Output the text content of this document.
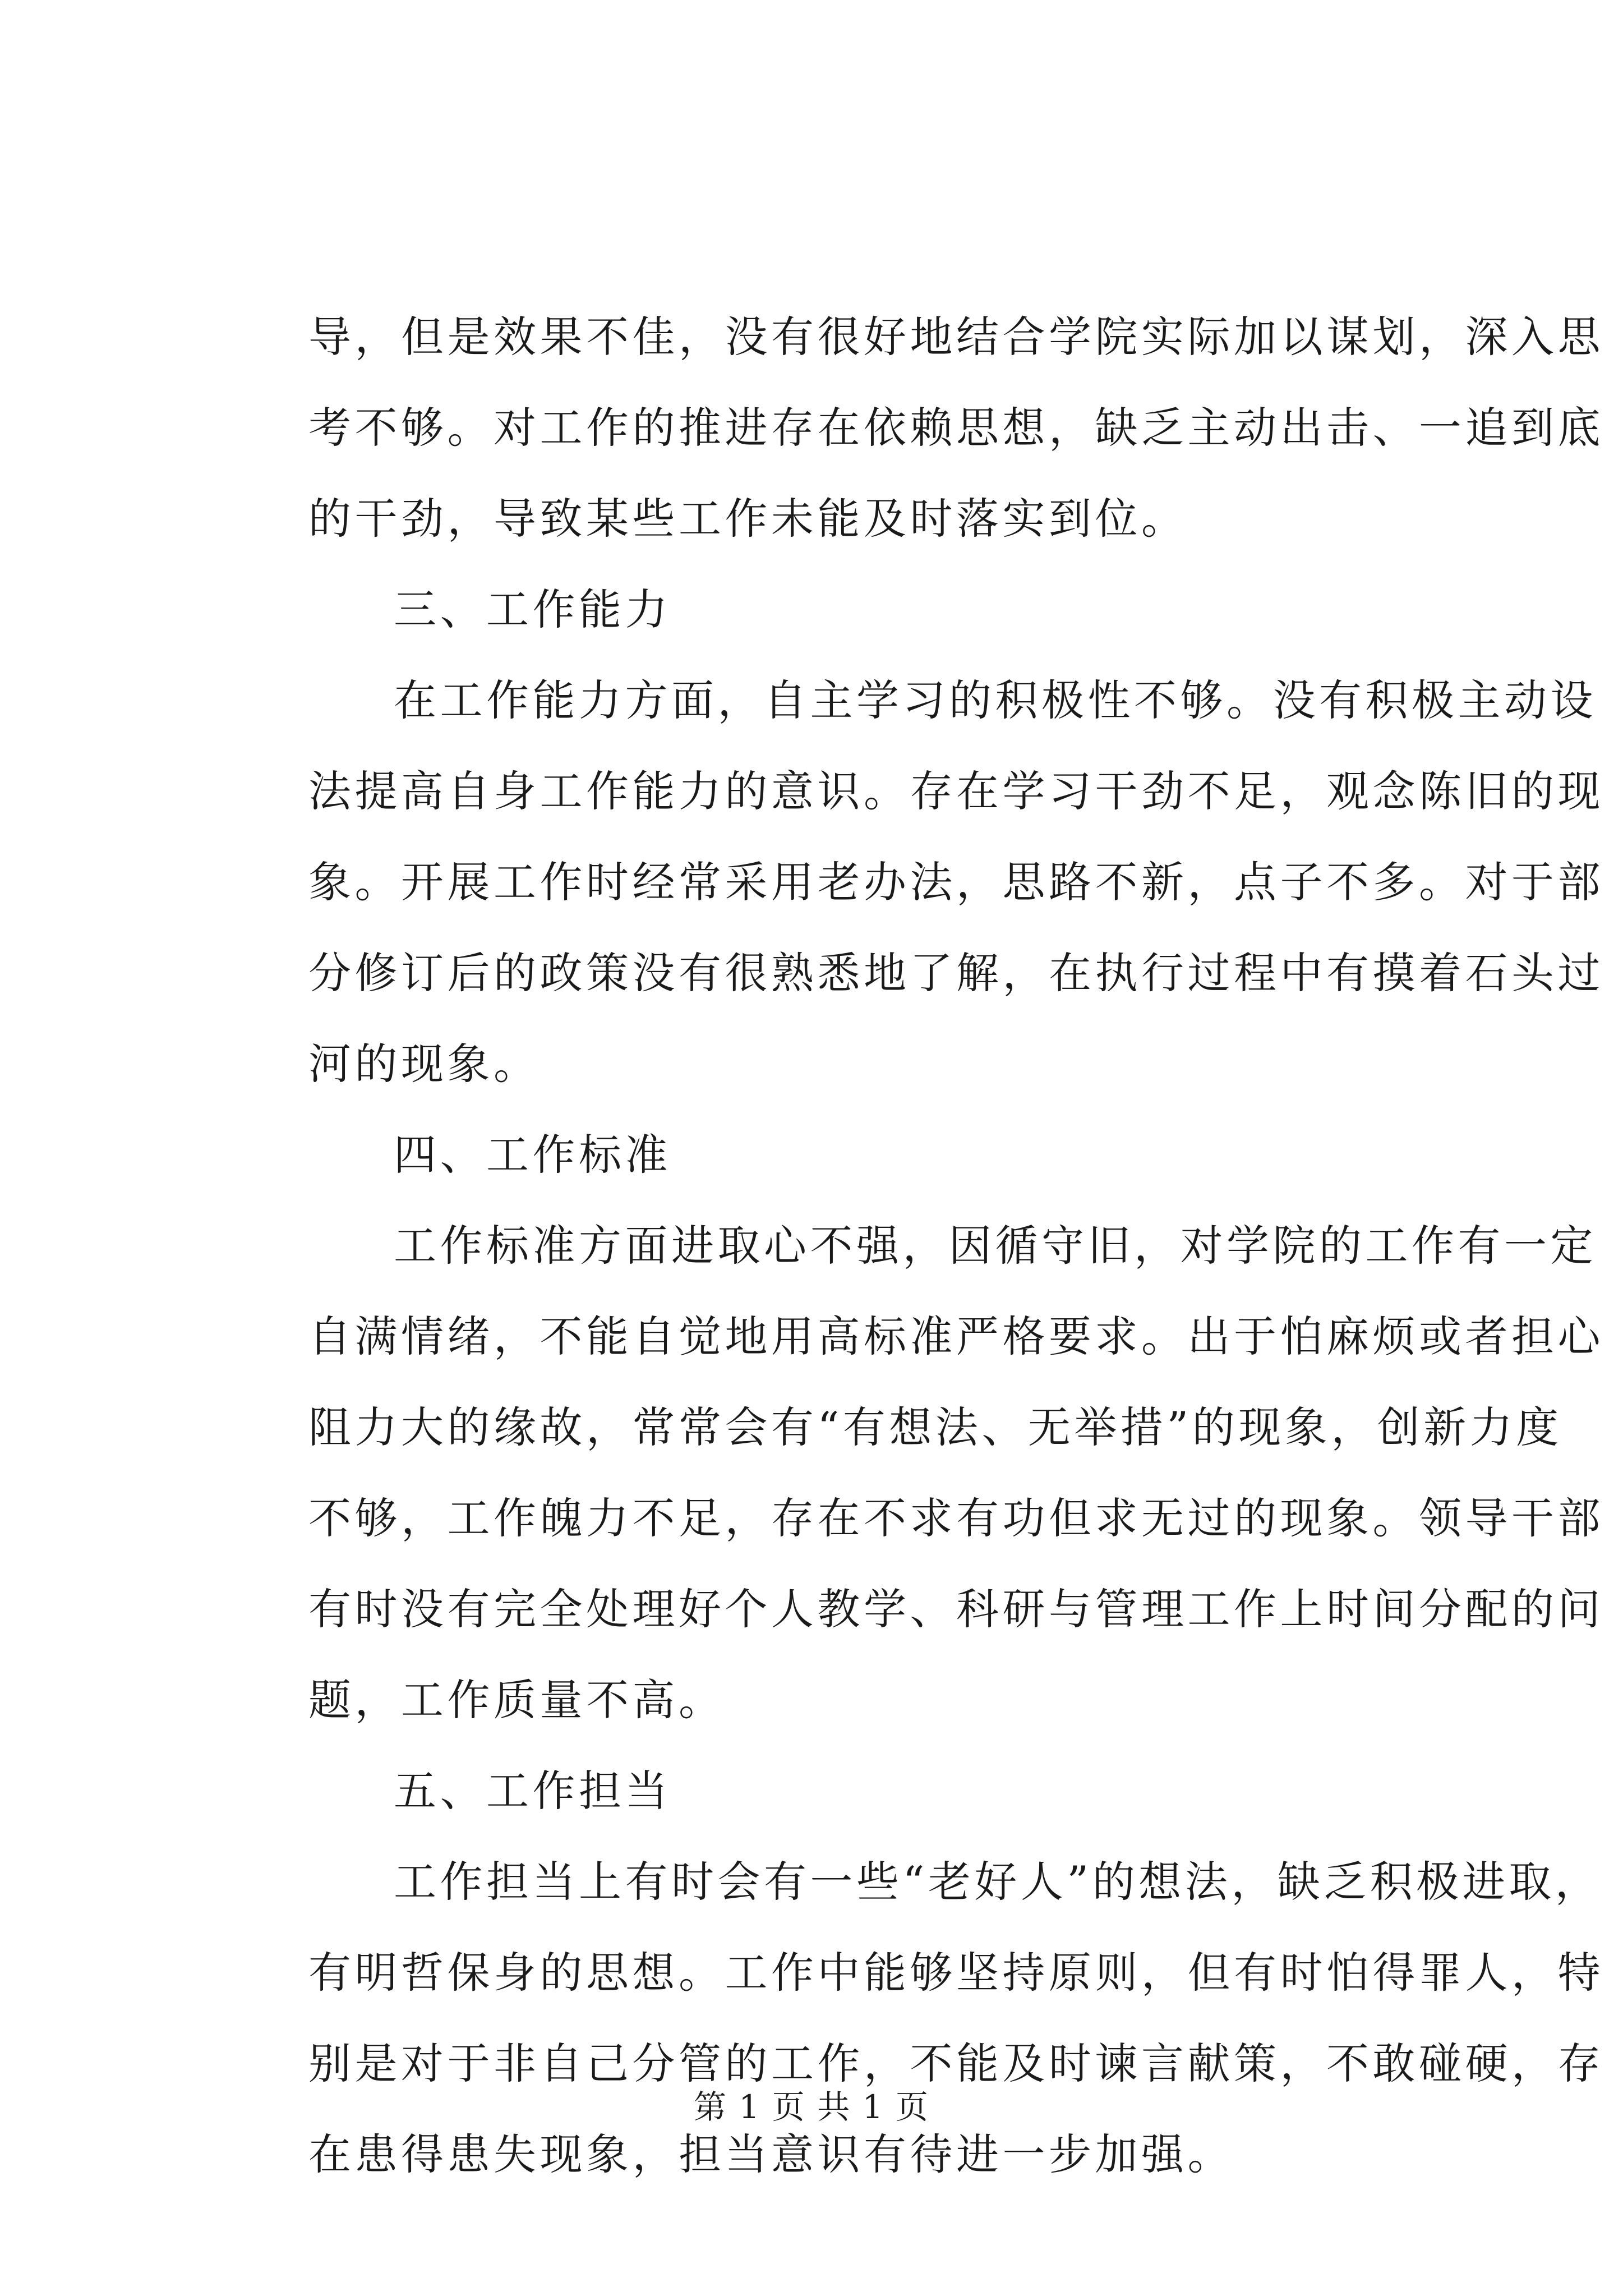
导，但是效果不佳，没有很好地结合学院实际加以谋划，深入思
考不够。对工作的推进存在依赖思想，缺乏主动出击、一追到底
的干劲，导致某些工作未能及时落实到位。
三、工作能力
在工作能力方面，自主学习的积极性不够。没有积极主动设
法提高自身工作能力的意识。存在学习干劲不足，观念陈旧的现
象。开展工作时经常采用老办法，思路不新，点子不多。对于部
分修订后的政策没有很熟悉地了解，在执行过程中有摸着石头过
河的现象。
四、工作标准
工作标准方面进取心不强，因循守旧，对学院的工作有一定
自满情绪，不能自觉地用高标准严格要求。出于怕麻烦或者担心
阻力大的缘故，常常会有“有想法、无举措”的现象，创新力度
不够，工作魄力不足，存在不求有功但求无过的现象。领导干部
有时没有完全处理好个人教学、科研与管理工作上时间分配的问
题，工作质量不高。
五、工作担当
工作担当上有时会有一些“老好人”的想法，缺乏积极进取，
有明哲保身的思想。工作中能够坚持原则，但有时怕得罪人，特
别是对于非自己分管的工作，不能及时谏言献策，不敢碰硬，存
在患得患失现象，担当意识有待进一步加强。
第 1 页 共 1 页
